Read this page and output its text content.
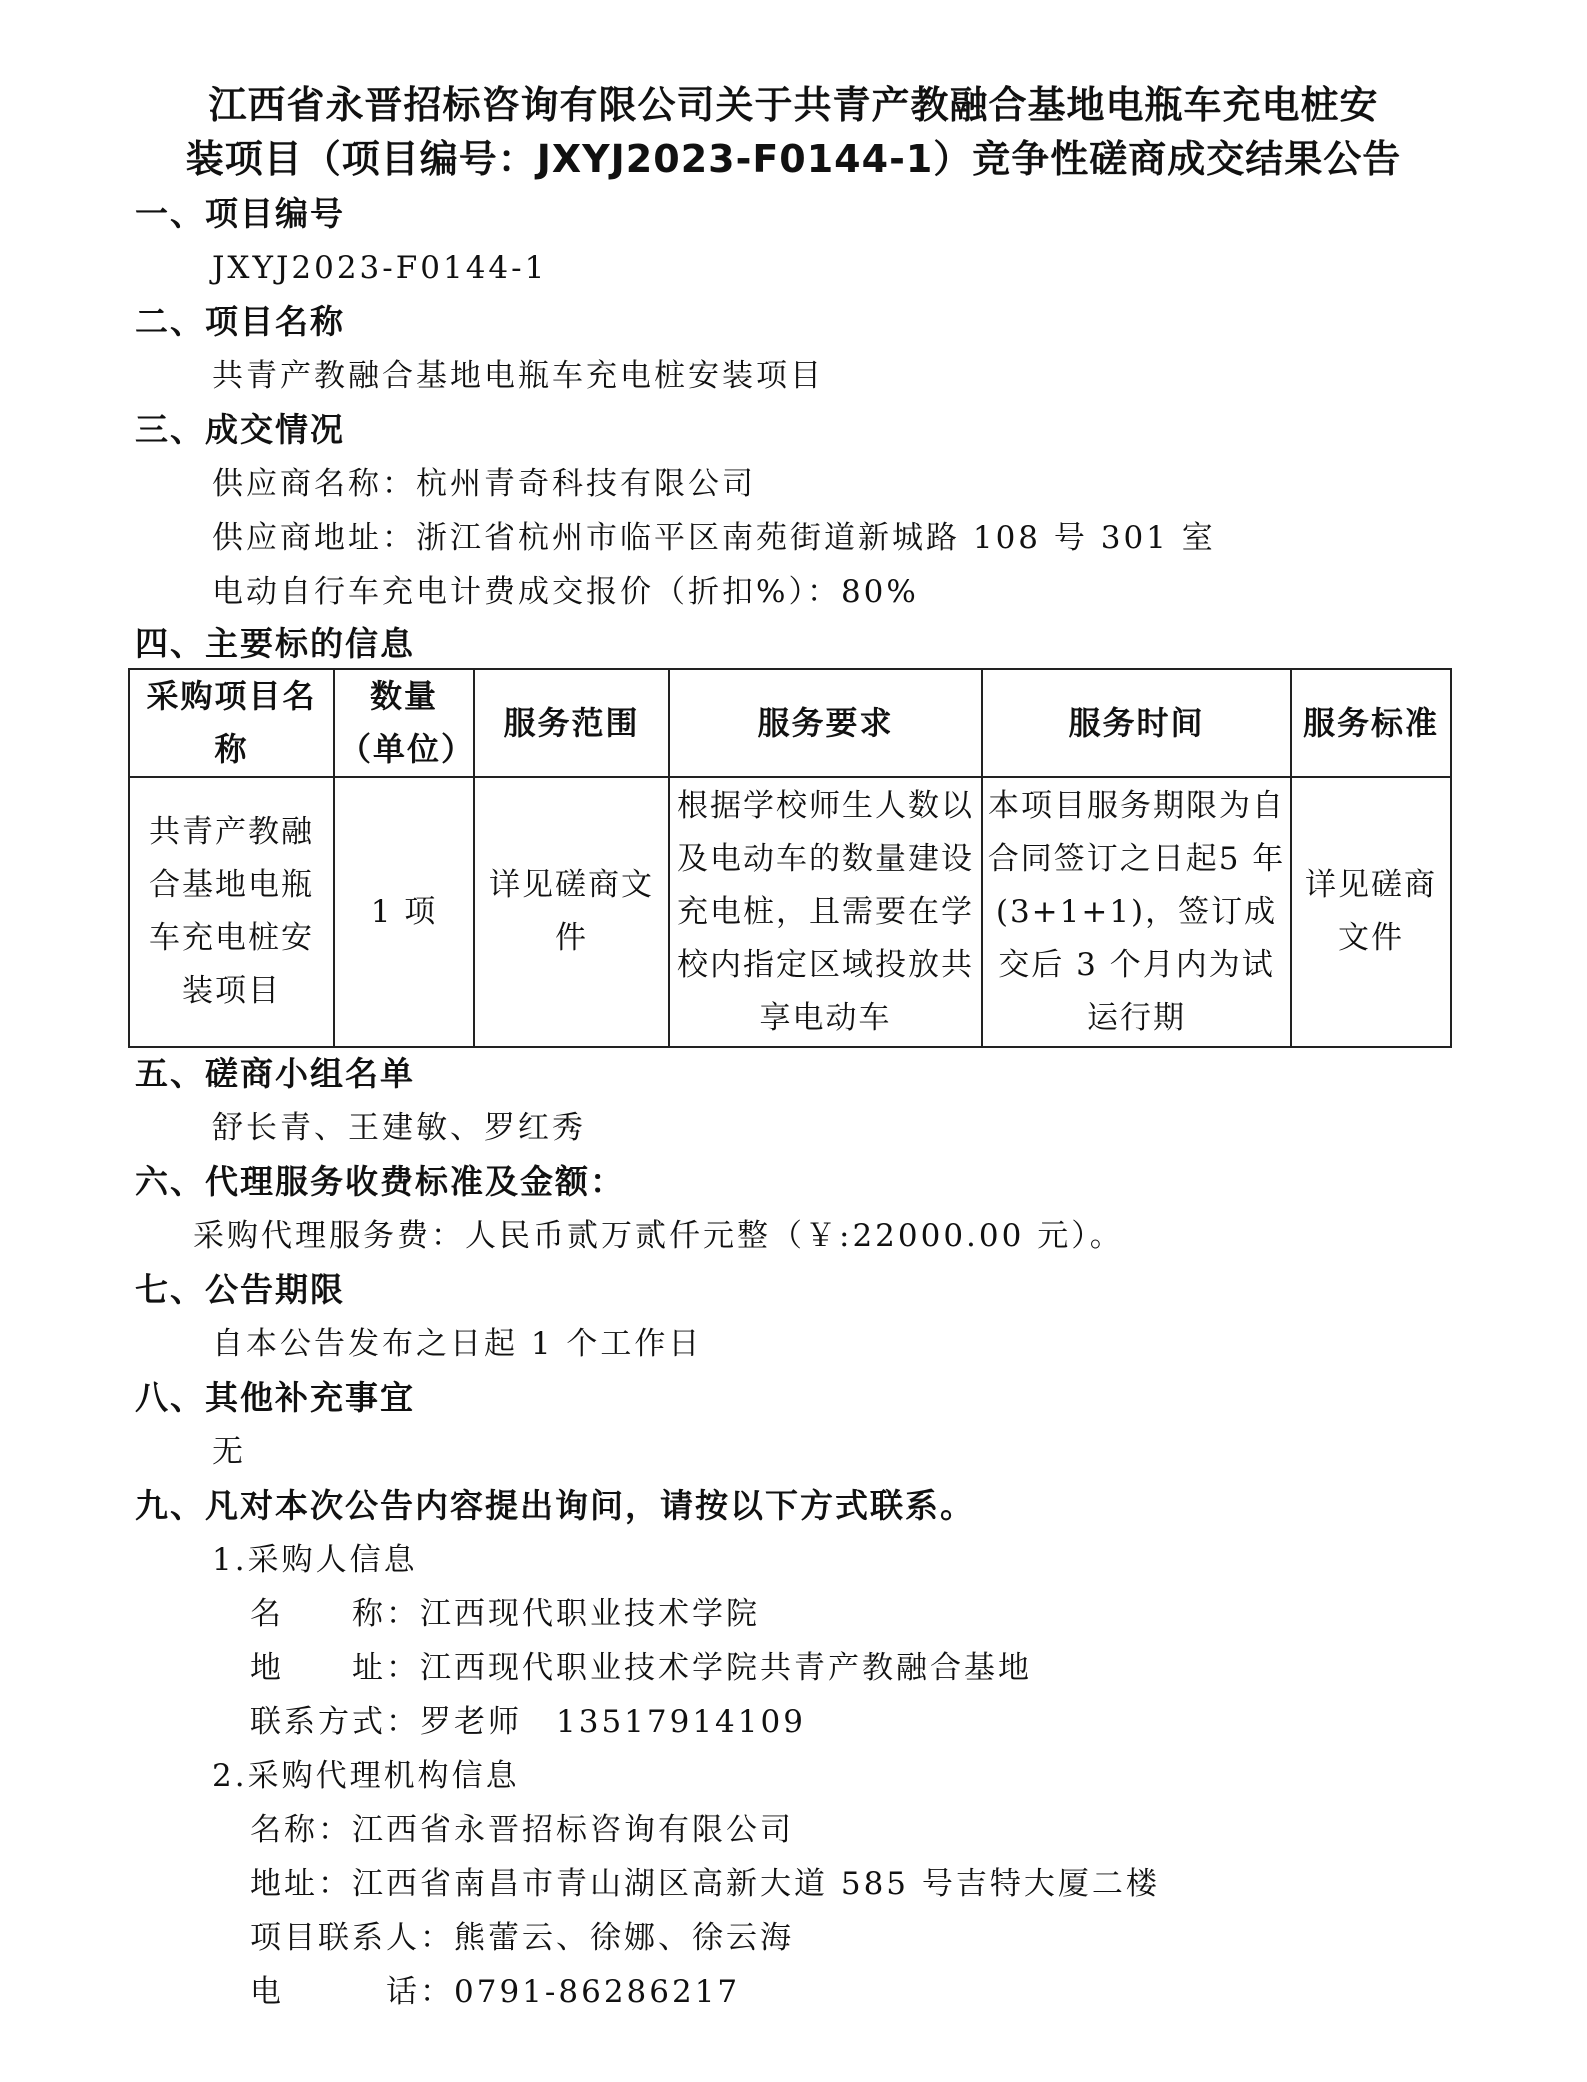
江西省永晋招标咨询有限公司关于共青产教融合基地电瓶车充电桩安
装项目（项目编号：JXYJ2023-F0144-1）竞争性磋商成交结果公告
一、项目编号
JXYJ2023-F0144-1
二、项目名称
共青产教融合基地电瓶车充电桩安装项目
三、成交情况
供应商名称：杭州青奇科技有限公司
供应商地址：浙江省杭州市临平区南苑街道新城路 108 号 301 室
电动自行车充电计费成交报价（折扣%）：80%
四、主要标的信息
采购项目名称	数量（单位）	服务范围	服务要求	服务时间	服务标准
共青产教融合基地电瓶车充电桩安装项目	1 项	详见磋商文件	根据学校师生人数以及电动车的数量建设充电桩，且需要在学校内指定区域投放共享电动车	本项目服务期限为自合同签订之日起5 年(3+1+1)，签订成交后 3 个月内为试运行期	详见磋商文件
五、磋商小组名单
舒长青、王建敏、罗红秀
六、代理服务收费标准及金额：
采购代理服务费：人民币贰万贰仟元整（￥:22000.00 元）。
七、公告期限
自本公告发布之日起 1 个工作日
八、其他补充事宜
无
九、凡对本次公告内容提出询问，请按以下方式联系。
1.采购人信息
名　　称：江西现代职业技术学院
地　　址：江西现代职业技术学院共青产教融合基地
联系方式：罗老师　13517914109
2.采购代理机构信息
名称：江西省永晋招标咨询有限公司
地址：江西省南昌市青山湖区高新大道 585 号吉特大厦二楼
项目联系人：熊蕾云、徐娜、徐云海
电　　　话：0791-86286217
